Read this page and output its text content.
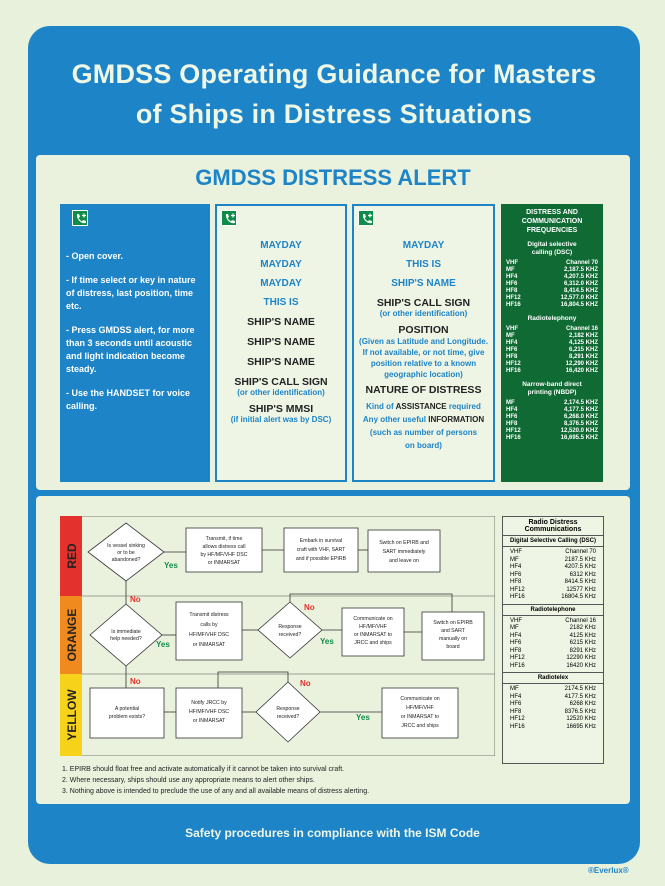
GMDSS Operating Guidance for Masters
of Ships in Distress Situations
GMDSS DISTRESS ALERT
- Open cover.
- If time select or key in nature of distress, last position, time etc.
- Press GMDSS alert, for more than 3 seconds until acoustic and light indication become steady.
- Use the HANDSET for voice calling.
MAYDAY
MAYDAY
MAYDAY
THIS IS
SHIP'S NAME
SHIP'S NAME
SHIP'S NAME
SHIP'S CALL SIGN
(or other identification)
SHIP'S MMSI
(if initial alert was by DSC)
MAYDAY
THIS IS
SHIP'S NAME
SHIP'S CALL SIGN
(or other identification)
POSITION
(Given as Latitude and Longitude.
If not available, or not time, give
position relative to a known
geographic location)
NATURE OF DISTRESS
Kind of ASSISTANCE required
Any other useful INFORMATION
(such as number of persons
on board)
DISTRESS AND
COMMUNICATION
FREQUENCIES
Digital selective
calling (DSC)
VHF	Channel 70
MF	2,187.5 KHZ
HF4	4,207.5 KHZ
HF6	6,312.0 KHZ
HF8	8,414.5 KHZ
HF12	12,577.0 KHZ
HF16	16,804.5 KHZ
Radiotelephony
VHF	Channel 16
MF	2,182 KHZ
HF4	4,125 KHZ
HF6	6,215 KHZ
HF8	8,291 KHZ
HF12	12,290 KHZ
HF16	16,420 KHZ
Narrow-band direct
printing (NBDP)
MF	2,174.5 KHZ
HF4	4,177.5 KHZ
HF6	6,268.0 KHZ
HF8	8,376.5 KHZ
HF12	12,520.0 KHZ
HF16	16,695.5 KHZ
RED
ORANGE
YELLOW
Is vessel sinking
or to be
abandoned?
Transmit, if time
allows distress call
by HF/MF/VHF DSC
or INMARSAT
Embark in survival
craft with VHF, SART
and if possible EPIRB
Switch on EPIRB and
SART immediately
and leave on
Is immediate
help needed?
Transmit distress
calls by
HF/MF/VHF DSC
or INMARSAT
Response
received?
Communicate on
HF/MF/VHF
or INMARSAT to
JRCC and ships
Switch on EPIRB
and SART
manually on
board
A potential
problem exists?
Notify JRCC by
HF/MF/VHF DSC
or INMARSAT
Response
received?
Communicate on
HF/MF/VHF
or INMARSAT to
JRCC and ships
Yes
No
Yes
No
Yes
No	No
Yes
Radio Distress
Communications
Digital Selective Calling (DSC)
VHF	Channel 70
MF	2187.5 KHz
HF4	4207.5 KHz
HF6	6312 KHz
HF8	8414.5 KHz
HF12	12577 KHz
HF16	16804.5 KHz
Radiotelephone
VHF	Channel 16
MF	2182 KHz
HF4	4125 KHz
HF6	6215 KHz
HF8	8291 KHz
HF12	12290 KHz
HF16	16420 KHz
Radiotelex
MF	2174.5 KHz
HF4	4177.5 KHz
HF6	6268 KHz
HF8	8376.5 KHz
HF12	12520 KHz
HF16	16695 KHz
1. EPIRB should float free and activate automatically if it cannot be taken into survival craft.
2. Where necessary, ships should use any appropriate means to alert other ships.
3. Nothing above is intended to preclude the use of any and all available means of distress alerting.
Safety procedures in compliance with the ISM Code
®Everlux®
